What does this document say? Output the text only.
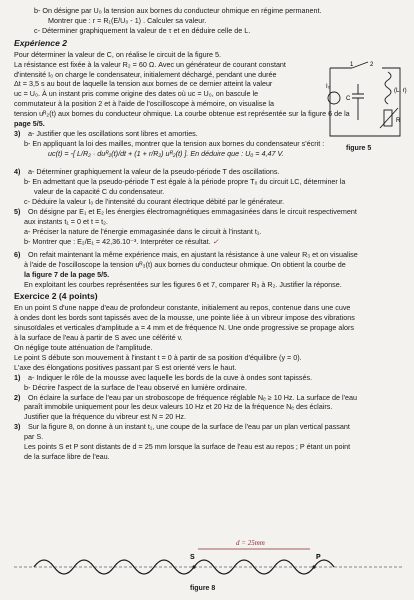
b- On désigne par U₀ la tension aux bornes du conducteur ohmique en régime permanent.

Montrer que : r = R₁(E/U₀ - 1) . Calculer sa valeur.

c- Déterminer graphiquement la valeur de τ et en déduire celle de L.

Expérience 2

Pour déterminer la valeur de C, on réalise le circuit de la figure 5.

La résistance est fixée à la valeur R₂ = 60 Ω. Avec un générateur de courant constant

d'intensité I₀ on charge le condensateur, initialement déchargé, pendant une durée

Δt = 3,5 s au bout de laquelle la tension aux bornes de ce dernier atteint la valeur

uᴄ = U₀. À un instant pris comme origine des dates où uᴄ = U₀, on bascule le

commutateur à la position 2 et à l'aide de l'oscilloscope à mémoire, on visualise la

tension uᴿ₂(t) aux bornes du conducteur ohmique. La courbe obtenue est représentée sur la figure 6 de la

page 5/5.

3) a- Justifier que les oscillations sont libres et amorties.

b- En appliquant la loi des mailles, montrer que la tension aux bornes du condensateur s'écrit :

uᴄ(t) = -[ L/R₂ · duᴿ₂(t)/dt + (1 + r/R₂) uᴿ₂(t) ]. En déduire que : U₀ = 4,47 V.

4) a- Déterminer graphiquement la valeur de la pseudo-période T des oscillations.

b- En admettant que la pseudo-période T est égale à la période propre T₀ du circuit LC, déterminer la

valeur de la capacité C du condensateur.

c- Déduire la valeur I₀ de l'intensité du courant électrique débité par le générateur.

5) On désigne par E₁ et E₂ les énergies électromagnétiques emmagasinées dans le circuit respectivement

aux instants t₁ = 0 et t = t₂.

a- Préciser la nature de l'énergie emmagasinée dans le circuit à l'instant t₁.

b- Montrer que : E₂/E₁ = 42,36.10⁻³. Interpréter ce résultat. ✓

6) On refait maintenant la même expérience mais, en ajustant la résistance à une valeur R₃ et on visualise

à l'aide de l'oscilloscope la tension uᴿ₃(t) aux bornes du conducteur ohmique. On obtient la courbe de

la figure 7 de la page 5/5.

En exploitant les courbes représentées sur les figures 6 et 7, comparer R₃ à R₂. Justifier la réponse.

Exercice 2 (4 points)

En un point S d'une nappe d'eau de profondeur constante, initialement au repos, contenue dans une cuve

à ondes dont les bords sont tapissés avec de la mousse, une pointe liée à un vibreur impose des vibrations

sinusoïdales et verticales d'amplitude a = 4 mm et de fréquence N. Une onde progressive se propage alors

à la surface de l'eau à partir de S avec une célérité v.

On néglige toute atténuation de l'amplitude.

Le point S débute son mouvement à l'instant t = 0 à partir de sa position d'équilibre (y = 0).

L'axe des élongations positives passant par S est orienté vers le haut.

1) a- Indiquer le rôle de la mousse avec laquelle les bords de la cuve à ondes sont tapissés.

b- Décrire l'aspect de la surface de l'eau observé en lumière ordinaire.

2) On éclaire la surface de l'eau par un stroboscope de fréquence réglable Nₑ ≥ 10 Hz. La surface de l'eau

paraît immobile uniquement pour les deux valeurs 10 Hz et 20 Hz de la fréquence Nₑ des éclairs.

Justifier que la fréquence du vibreur est N = 20 Hz.

3) Sur la figure 8, on donne à un instant t₁, une coupe de la surface de l'eau par un plan vertical passant

par S.

Les points S et P sont distants de d = 25 mm lorsque la surface de l'eau est au repos ; P étant un point

de la surface libre de l'eau.

1	2
I₀
C
(L, r)
R
figure 5
S	P
d = 25mm
figure 8
